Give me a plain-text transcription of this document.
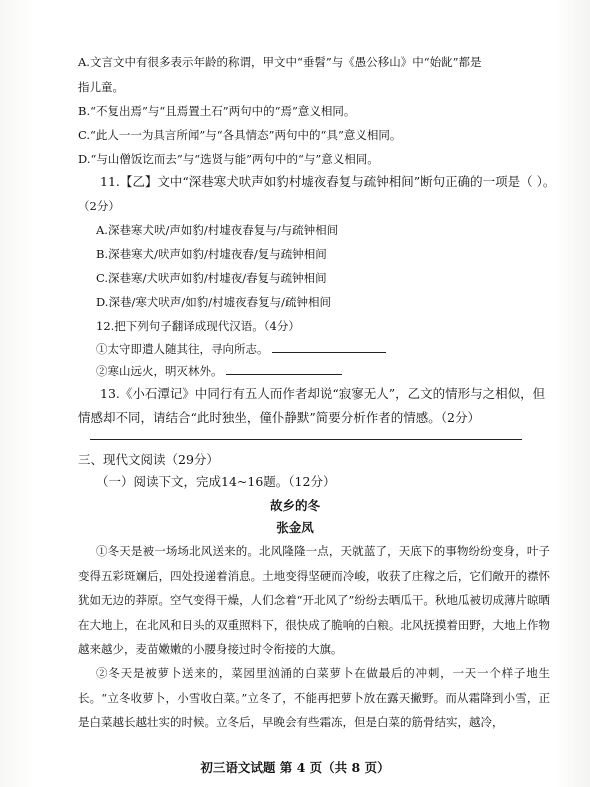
A.文言文中有很多表示年龄的称谓，甲文中“垂髫”与《愚公移山》中“始龀”都是
指儿童。
B.“不复出焉”与“且焉置土石”两句中的“焉”意义相同。
C.“此人一一为具言所闻”与“各具情态”两句中的“具”意义相同。
D.“与山僧饭讫而去”与“选贤与能”两句中的“与”意义相同。
11.【乙】文中“深巷寒犬吠声如豹村墟夜舂复与疏钟相间”断句正确的一项是（ ）。
（2分）
A.深巷寒犬吠/声如豹/村墟夜舂复与/与疏钟相间
B.深巷寒犬/吠声如豹/村墟夜舂/复与疏钟相间
C.深巷寒/犬吠声如豹/村墟夜/舂复与疏钟相间
D.深巷/寒犬吠声/如豹/村墟夜舂复与/疏钟相间
12.把下列句子翻译成现代汉语。（4分）
①太守即遣人随其往，寻向所志。
②寒山远火，明灭林外。
13.《小石潭记》中同行有五人而作者却说“寂寥无人”，乙文的情形与之相似，但
情感却不同，请结合“此时独坐，僮仆静默”简要分析作者的情感。（2分）
三、现代文阅读（29分）
（一）阅读下文，完成14~16题。（12分）
故乡的冬
张金凤
①冬天是被一场场北风送来的。北风隆隆一点，天就蓝了，天底下的事物纷纷变身，叶子变得五彩斑斓后，四处投递着消息。土地变得坚硬而冷峻，收获了庄稼之后，它们敞开的襟怀犹如无边的莽原。空气变得干燥，人们念着“开北风了”纷纷去晒瓜干。秋地瓜被切成薄片晾晒在大地上，在北风和日头的双重照料下，很快成了脆响的白粮。北风抚摸着田野，大地上作物越来越少，麦苗嫩嫩的小腰身接过时令衔接的大旗。
②冬天是被萝卜送来的，菜园里汹涌的白菜萝卜在做最后的冲刺，一天一个样子地生长。“立冬收萝卜，小雪收白菜。”立冬了，不能再把萝卜放在露天撇野。而从霜降到小雪，正是白菜越长越壮实的时候。立冬后，早晚会有些霜冻，但是白菜的筋骨结实，越冷，
初三语文试题 第 4 页（共 8 页）
